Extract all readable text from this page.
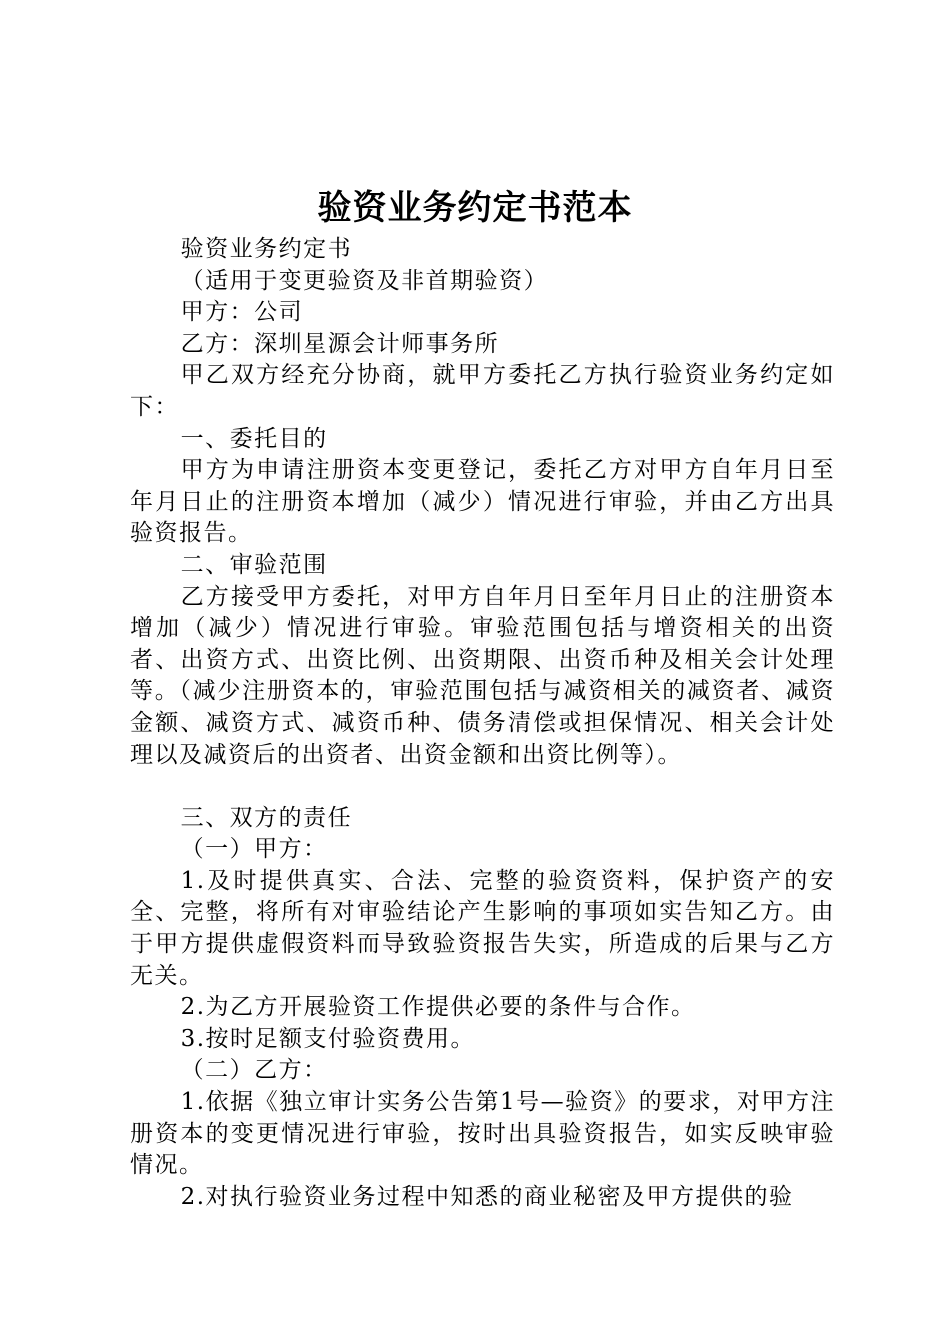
验资业务约定书范本

验资业务约定书

（适用于变更验资及非首期验资）

甲方：公司

乙方：深圳星源会计师事务所

甲乙双方经充分协商，就甲方委托乙方执行验资业务约定如下：

一、委托目的

甲方为申请注册资本变更登记，委托乙方对甲方自年月日至年月日止的注册资本增加（减少）情况进行审验，并由乙方出具验资报告。

二、审验范围

乙方接受甲方委托，对甲方自年月日至年月日止的注册资本增加（减少）情况进行审验。审验范围包括与增资相关的出资者、出资方式、出资比例、出资期限、出资币种及相关会计处理等。（减少注册资本的，审验范围包括与减资相关的减资者、减资金额、减资方式、减资币种、债务清偿或担保情况、相关会计处理以及减资后的出资者、出资金额和出资比例等）。

三、双方的责任

（一）甲方：

1.及时提供真实、合法、完整的验资资料，保护资产的安全、完整，将所有对审验结论产生影响的事项如实告知乙方。由于甲方提供虚假资料而导致验资报告失实，所造成的后果与乙方无关。

2.为乙方开展验资工作提供必要的条件与合作。

3.按时足额支付验资费用。

（二）乙方：

1.依据《独立审计实务公告第1号—验资》的要求，对甲方注册资本的变更情况进行审验，按时出具验资报告，如实反映审验情况。

2.对执行验资业务过程中知悉的商业秘密及甲方提供的验
